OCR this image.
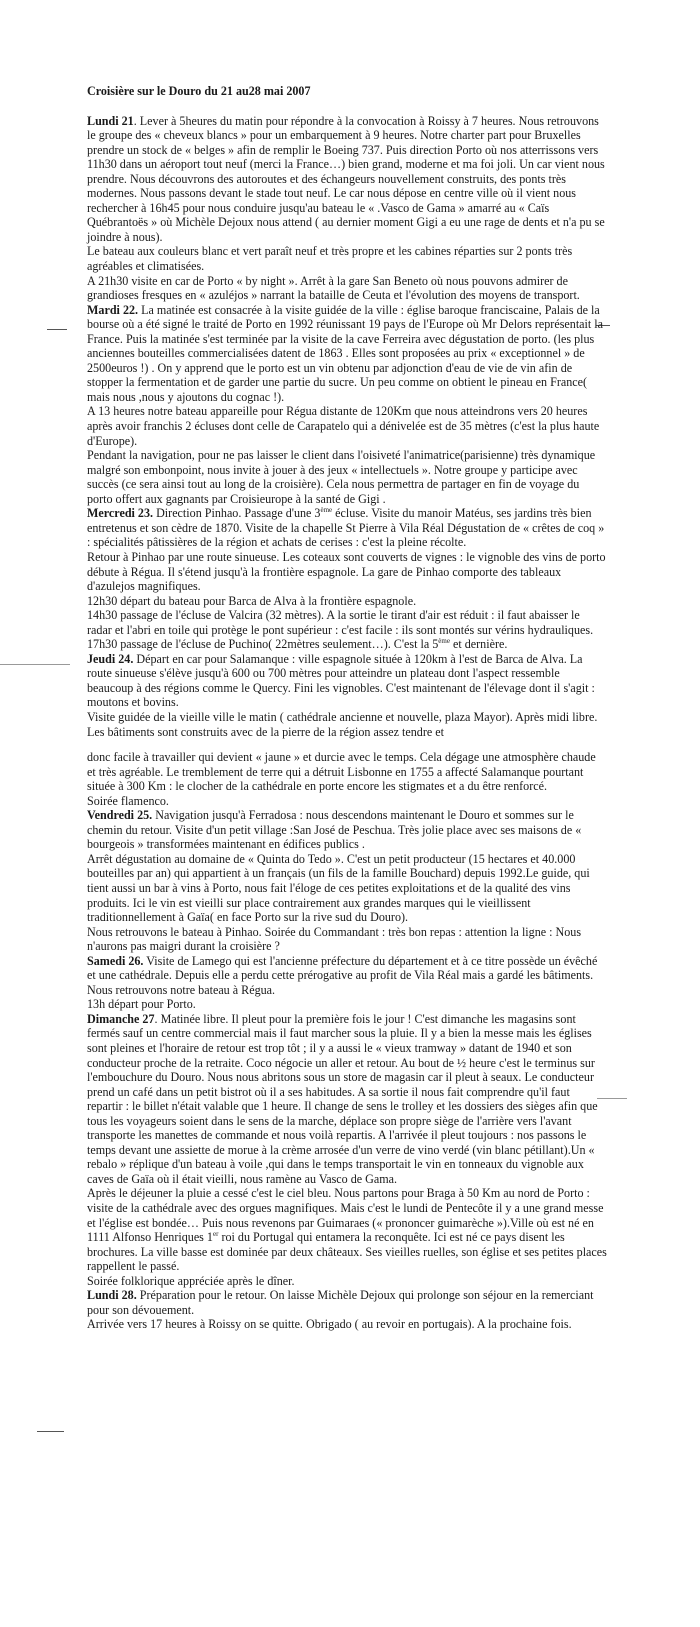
Croisière sur le Douro du 21 au28 mai 2007

Lundi 21. Lever à 5heures du matin pour répondre à la convocation à Roissy à 7 heures. Nous retrouvons le groupe des « cheveux blancs » pour un embarquement à 9 heures. Notre charter part pour Bruxelles prendre un stock de « belges » afin de remplir le Boeing 737. Puis direction Porto où nos atterrissons vers 11h30 dans un aéroport tout neuf (merci la France…) bien grand, moderne et ma foi joli. Un car vient nous prendre. Nous découvrons des autoroutes et des échangeurs nouvellement construits, des ponts très modernes. Nous passons devant le stade tout neuf. Le car nous dépose en centre ville où il vient nous rechercher à 16h45 pour nous conduire jusqu'au bateau le « .Vasco de Gama » amarré au « Caïs Québrantoës » où Michèle Dejoux nous attend ( au dernier moment Gigi a eu une rage de dents et n'a pu se joindre à nous).

Le bateau aux couleurs blanc et vert paraît neuf et très propre et les cabines réparties sur 2 ponts très agréables et climatisées.

A 21h30 visite en car de Porto « by night ». Arrêt à la gare San Beneto où nous pouvons admirer de grandioses fresques en « azuléjos » narrant la bataille de Ceuta et l'évolution des moyens de transport.

Mardi 22. La matinée est consacrée à la visite guidée de la ville : église baroque franciscaine, Palais de la bourse où a été signé le traité de Porto en 1992 réunissant 19 pays de l'Europe où Mr Delors représentait la France. Puis la matinée s'est terminée par la visite de la cave Ferreira avec dégustation de porto. (les plus anciennes bouteilles commercialisées datent de 1863 . Elles sont proposées au prix « exceptionnel » de 2500euros !) . On y apprend que le porto est un vin obtenu par adjonction d'eau de vie de vin afin de stopper la fermentation et de garder une partie du sucre. Un peu comme on obtient le pineau en France( mais nous ,nous y ajoutons du cognac !).

A 13 heures notre bateau appareille pour Régua distante de 120Km que nous atteindrons vers 20 heures après avoir franchis 2 écluses dont celle de Carapatelo qui a dénivelée est de 35 mètres (c'est la plus haute d'Europe).

Pendant la navigation, pour ne pas laisser le client dans l'oisiveté l'animatrice(parisienne) très dynamique malgré son embonpoint, nous invite à jouer à des jeux « intellectuels ». Notre groupe y participe avec succès (ce sera ainsi tout au long de la croisière). Cela nous permettra de partager en fin de voyage du porto offert aux gagnants par Croisieurope à la santé de Gigi .

Mercredi 23. Direction Pinhao. Passage d'une 3ème écluse. Visite du manoir Matéus, ses jardins très bien entretenus et son cèdre de 1870. Visite de la chapelle St Pierre à Vila Réal Dégustation de « crêtes de coq » : spécialités pâtissières de la région et achats de cerises : c'est la pleine récolte.

Retour à Pinhao par une route sinueuse. Les coteaux sont couverts de vignes : le vignoble des vins de porto débute à Régua. Il s'étend jusqu'à la frontière espagnole. La gare de Pinhao comporte des tableaux d'azulejos magnifiques.

12h30 départ du bateau pour Barca de Alva à la frontière espagnole.

14h30 passage de l'écluse de Valcira (32 mètres). A la sortie le tirant d'air est réduit : il faut abaisser le radar et l'abri en toile qui protège le pont supérieur : c'est facile : ils sont montés sur vérins hydrauliques.

17h30 passage de l'écluse de Puchino( 22mètres seulement…). C'est la 5ème et dernière.

Jeudi 24. Départ en car pour Salamanque : ville espagnole située à 120km à l'est de Barca de Alva. La route sinueuse s'élève jusqu'à 600 ou 700 mètres pour atteindre un plateau dont l'aspect ressemble beaucoup à des régions comme le Quercy. Fini les vignobles. C'est maintenant de l'élevage dont il s'agit : moutons et bovins.

Visite guidée de la vieille ville le matin ( cathédrale ancienne et nouvelle, plaza Mayor). Après midi libre. Les bâtiments sont construits avec de la pierre de la région assez tendre et

donc facile à travailler qui devient « jaune » et durcie avec le temps. Cela dégage une atmosphère chaude et très agréable. Le tremblement de terre qui a détruit Lisbonne en 1755 a affecté Salamanque pourtant située à 300 Km : le clocher de la cathédrale en porte encore les stigmates et a du être renforcé.

Soirée flamenco.

Vendredi 25. Navigation jusqu'à Ferradosa : nous descendons maintenant le Douro et sommes sur le chemin du retour. Visite d'un petit village :San José de Peschua. Très jolie place avec ses maisons de « bourgeois » transformées maintenant en édifices publics .

Arrêt dégustation au domaine de « Quinta do Tedo ». C'est un petit producteur (15 hectares et 40.000 bouteilles par an) qui appartient à un français (un fils de la famille Bouchard) depuis 1992.Le guide, qui tient aussi un bar à vins à Porto, nous fait l'éloge de ces petites exploitations et de la qualité des vins produits. Ici le vin est vieilli sur place contrairement aux grandes marques qui le vieillissent traditionnellement à Gaïa( en face Porto sur la rive sud du Douro).

Nous retrouvons le bateau à Pinhao. Soirée du Commandant : très bon repas : attention la ligne : Nous n'aurons pas maigri durant la croisière ?

Samedi 26. Visite de Lamego qui est l'ancienne préfecture du département et à ce titre possède un évêché et une cathédrale. Depuis elle a perdu cette prérogative au profit de Vila Réal mais a gardé les bâtiments. Nous retrouvons notre bateau à Régua.

13h départ pour Porto.

Dimanche 27. Matinée libre. Il pleut pour la première fois le jour ! C'est dimanche les magasins sont fermés sauf un centre commercial mais il faut marcher sous la pluie. Il y a bien la messe mais les églises sont pleines et l'horaire de retour est trop tôt ; il y a aussi le « vieux tramway » datant de 1940 et son conducteur proche de la retraite. Coco négocie un aller et retour. Au bout de ½ heure c'est le terminus sur l'embouchure du Douro. Nous nous abritons sous un store de magasin car il pleut à seaux. Le conducteur prend un café dans un petit bistrot où il a ses habitudes. A sa sortie il nous fait comprendre qu'il faut repartir : le billet n'était valable que 1 heure. Il change de sens le trolley et les dossiers des sièges afin que tous les voyageurs soient dans le sens de la marche, déplace son propre siège de l'arrière vers l'avant transporte les manettes de commande et nous voilà repartis. A l'arrivée il pleut toujours : nos passons le temps devant une assiette de morue à la crème arrosée d'un verre de vino verdé (vin blanc pétillant).Un « rebalo » réplique d'un bateau à voile ,qui dans le temps transportait le vin en tonneaux du vignoble aux caves de Gaïa où il était vieilli, nous ramène au Vasco de Gama.

Après le déjeuner la pluie a cessé c'est le ciel bleu. Nous partons pour Braga à 50 Km au nord de Porto : visite de la cathédrale avec des orgues magnifiques. Mais c'est le lundi de Pentecôte il y a une grand messe et l'église est bondée… Puis nous revenons par Guimaraes (« prononcer guimarèche »).Ville où est né en 1111 Alfonso Henriques 1er roi du Portugal qui entamera la reconquête. Ici est né ce pays disent les brochures. La ville basse est dominée par deux châteaux. Ses vieilles ruelles, son église et ses petites places rappellent le passé.

Soirée folklorique appréciée après le dîner.

Lundi 28. Préparation pour le retour. On laisse Michèle Dejoux qui prolonge son séjour en la remerciant pour son dévouement.

Arrivée vers 17 heures à Roissy on se quitte. Obrigado ( au revoir en portugais). A la prochaine fois.
